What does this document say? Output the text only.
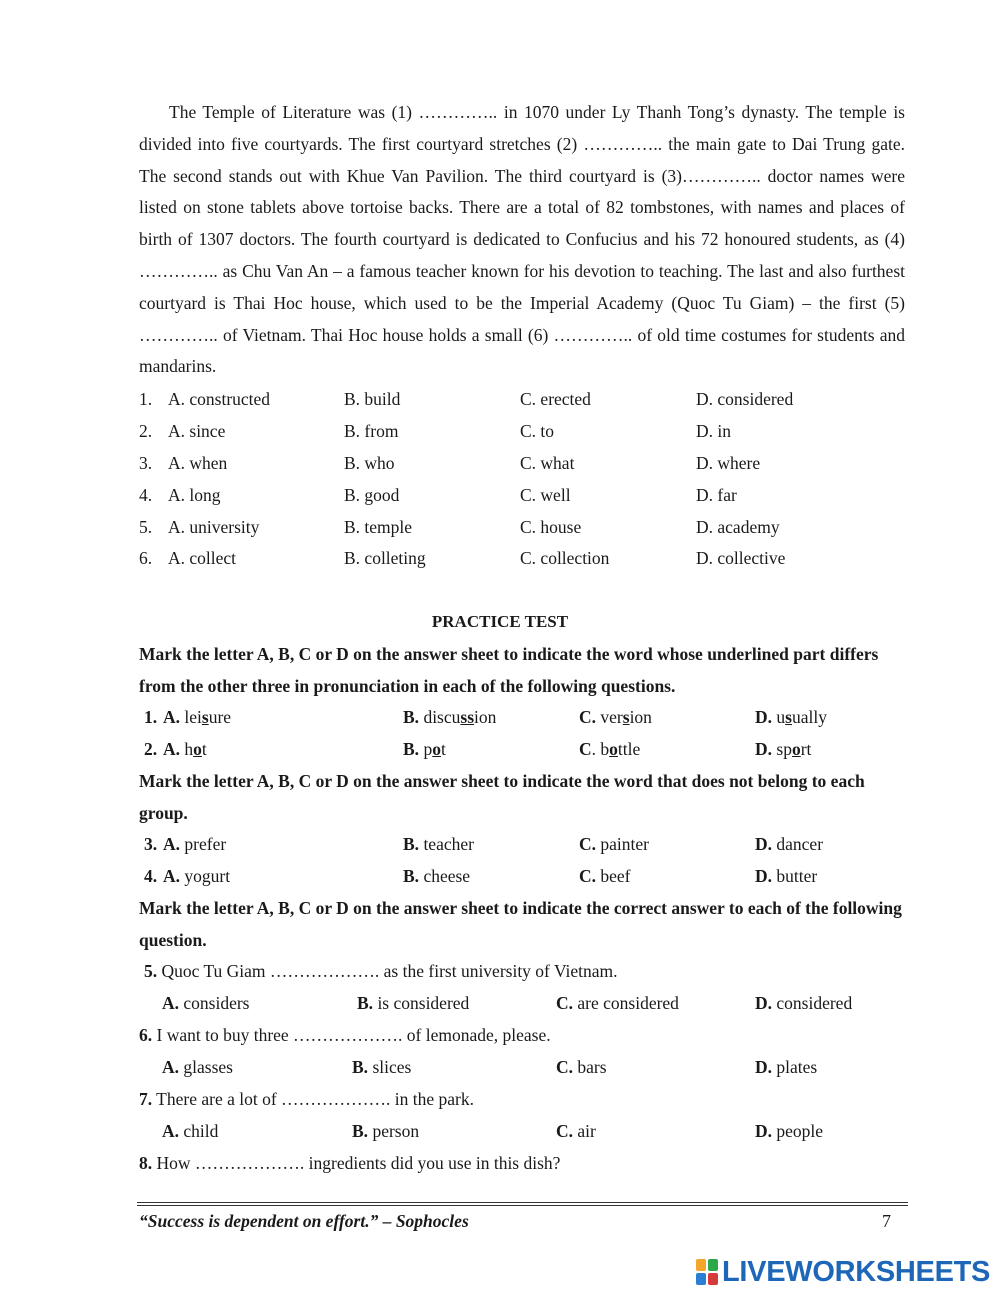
The Temple of Literature was (1) ………….. in 1070 under Ly Thanh Tong’s dynasty. The temple is divided into five courtyards. The first courtyard stretches (2) ………….. the main gate to Dai Trung gate. The second stands out with Khue Van Pavilion. The third courtyard is (3)………….. doctor names were listed on stone tablets above tortoise backs. There are a total of 82 tombstones, with names and places of birth of 1307 doctors. The fourth courtyard is dedicated to Confucius and his 72 honoured students, as (4) ………….. as Chu Van An – a famous teacher known for his devotion to teaching. The last and also furthest courtyard is Thai Hoc house, which used to be the Imperial Academy (Quoc Tu Giam) – the first (5) ………….. of Vietnam. Thai Hoc house holds a small (6) ………….. of old time costumes for students and mandarins.
1. A. constructed	B. build	C. erected	D. considered
2. A. since	B. from	C. to	D. in
3. A. when	B. who	C. what	D. where
4. A. long	B. good	C. well	D. far
5. A. university	B. temple	C. house	D. academy
6. A. collect	B. colleting	C. collection	D. collective
PRACTICE TEST
Mark the letter A, B, C or D on the answer sheet to indicate the word whose underlined part differs from the other three in pronunciation in each of the following questions.
1. A. leisure	B. discussion	C. version	D. usually
2. A. hot	B. pot	C. bottle	D. sport
Mark the letter A, B, C or D on the answer sheet to indicate the word that does not belong to each group.
3. A. prefer	B. teacher	C. painter	D. dancer
4. A. yogurt	B. cheese	C. beef	D. butter
Mark the letter A, B, C or D on the answer sheet to indicate the correct answer to each of the following question.
5. Quoc Tu Giam ………………. as the first university of Vietnam.
A. considers	B. is considered	C. are considered	D. considered
6. I want to buy three ………………. of lemonade, please.
A. glasses	B. slices	C. bars	D. plates
7. There are a lot of ………………. in the park.
A. child	B. person	C. air	D. people
8. How ………………. ingredients did you use in this dish?
“Success is dependent on effort.” – Sophocles	7
LIVEWORKSHEETS
